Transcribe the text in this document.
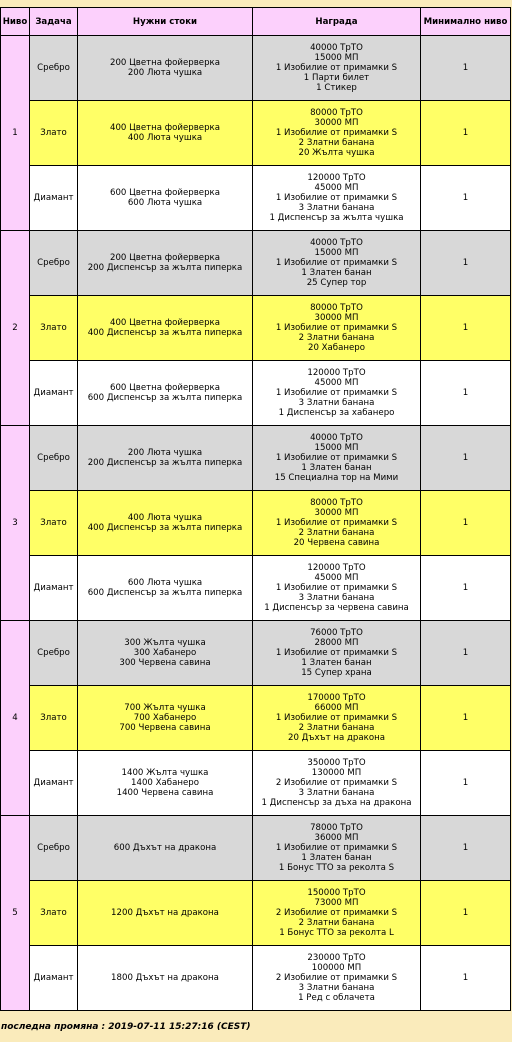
Ниво	Задача	Нужни стоки	Награда	Минимално ниво
1	Сребро	200 Цветна фойерверка
200 Люта чушка	40000 ТрТО
15000 МП
1 Изобилие от примамки S
1 Парти билет
1 Стикер	1
	Злато	400 Цветна фойерверка
400 Люта чушка	80000 ТрТО
30000 МП
1 Изобилие от примамки S
2 Златни банана
20 Жълта чушка	1
	Диамант	600 Цветна фойерверка
600 Люта чушка	120000 ТрТО
45000 МП
1 Изобилие от примамки S
3 Златни банана
1 Диспенсър за жълта чушка	1
2	Сребро	200 Цветна фойерверка
200 Диспенсър за жълта пиперка	40000 ТрТО
15000 МП
1 Изобилие от примамки S
1 Златен банан
25 Супер тор	1
	Злато	400 Цветна фойерверка
400 Диспенсър за жълта пиперка	80000 ТрТО
30000 МП
1 Изобилие от примамки S
2 Златни банана
20 Хабанеро	1
	Диамант	600 Цветна фойерверка
600 Диспенсър за жълта пиперка	120000 ТрТО
45000 МП
1 Изобилие от примамки S
3 Златни банана
1 Диспенсър за хабанеро	1
3	Сребро	200 Люта чушка
200 Диспенсър за жълта пиперка	40000 ТрТО
15000 МП
1 Изобилие от примамки S
1 Златен банан
15 Специална тор на Мими	1
	Злато	400 Люта чушка
400 Диспенсър за жълта пиперка	80000 ТрТО
30000 МП
1 Изобилие от примамки S
2 Златни банана
20 Червена савина	1
	Диамант	600 Люта чушка
600 Диспенсър за жълта пиперка	120000 ТрТО
45000 МП
1 Изобилие от примамки S
3 Златни банана
1 Диспенсър за червена савина	1
4	Сребро	300 Жълта чушка
300 Хабанеро
300 Червена савина	76000 ТрТО
28000 МП
1 Изобилие от примамки S
1 Златен банан
15 Супер храна	1
	Злато	700 Жълта чушка
700 Хабанеро
700 Червена савина	170000 ТрТО
66000 МП
1 Изобилие от примамки S
2 Златни банана
20 Дъхът на дракона	1
	Диамант	1400 Жълта чушка
1400 Хабанеро
1400 Червена савина	350000 ТрТО
130000 МП
2 Изобилие от примамки S
3 Златни банана
1 Диспенсър за дъха на дракона	1
5	Сребро	600 Дъхът на дракона	78000 ТрТО
36000 МП
1 Изобилие от примамки S
1 Златен банан
1 Бонус ТТО за реколта S	1
	Злато	1200 Дъхът на дракона	150000 ТрТО
73000 МП
2 Изобилие от примамки S
2 Златни банана
1 Бонус ТТО за реколта L	1
	Диамант	1800 Дъхът на дракона	230000 ТрТО
100000 МП
2 Изобилие от примамки S
3 Златни банана
1 Ред с облачета	1
последна промяна : 2019-07-11 15:27:16 (CEST)
